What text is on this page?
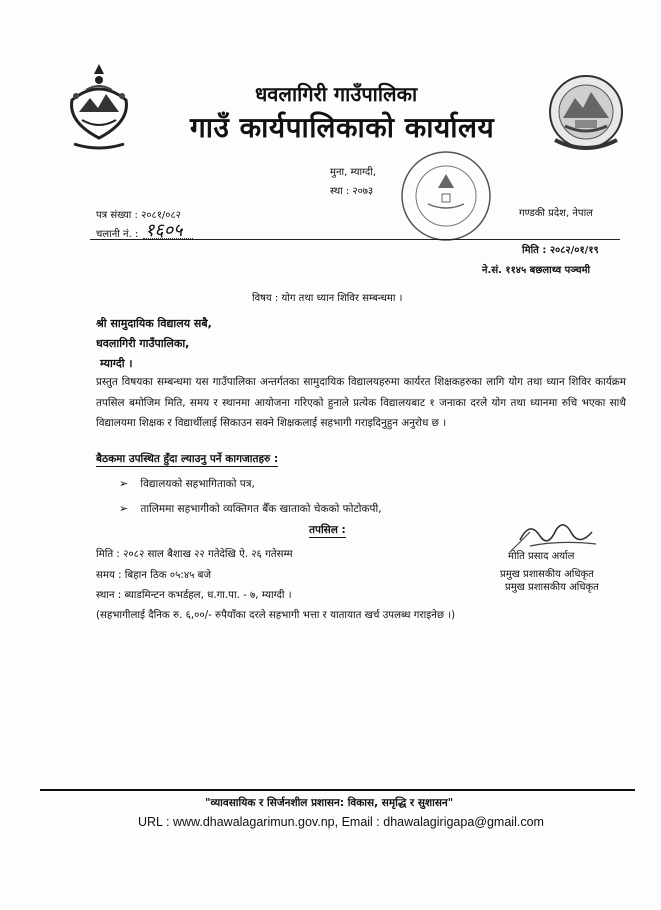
धवलागिरी गाउँपालिका
गाउँ कार्यपालिकाको कार्यालय
मुना, म्याग्दी,
स्था : २०७३
गण्डकी प्रदेश, नेपाल
पत्र संख्या : २०८१/०८२
चलानी नं. : १६०५
मिति : २०८२/०१/१९
ने.सं. ११४५ बछलाथ्व पञ्चमी
विषय : योग तथा ध्यान शिविर सम्बन्धमा ।
श्री सामुदायिक विद्यालय सबै,
धवलागिरी गाउँपालिका,
म्याग्दी ।
प्रस्तुत विषयका सम्बन्धमा यस गाउँपालिका अन्तर्गतका सामुदायिक विद्यालयहरुमा कार्यरत शिक्षकहरुका लागि योग तथा ध्यान शिविर कार्यक्रम तपसिल बमोजिम मिति, समय र स्थानमा आयोजना गरिएको हुनाले प्रत्येक विद्यालयबाट १ जनाका दरले योग तथा ध्यानमा रुचि भएका साथै विद्यालयमा शिक्षक र विद्यार्थीलाई सिकाउन सक्ने शिक्षकलाई सहभागी गराइदिनुहुन अनुरोध छ ।
बैठकमा उपस्थित हुँदा ल्याउनु पर्ने कागजातहरु :
➢ विद्यालयको सहभागिताको पत्र,
➢ तालिममा सहभागीको व्यक्तिगत बैँक खाताको चेकको फोटोकपी,
तपसिल :
मिति : २०८२ साल बैशाख २२ गतेदेखि ऐ. २६ गतेसम्म
समय : बिहान ठिक ०५:४५ बजे
स्थान : ब्याडमिन्टन कभर्डहल, ध.गा.पा. - ७, म्याग्दी ।
(सहभागीलाई दैनिक रु. ६,००/- रुपैयाँका दरले सहभागी भत्ता र यातायात खर्च उपलब्ध गराइनेछ ।)
मोति प्रसाद अर्याल
प्रमुख प्रशासकीय अधिकृत
प्रमुख प्रशासकीय अधिकृत
"व्यावसायिक र सिर्जनशील प्रशासन: विकास, समृद्धि र सुशासन"
URL : www.dhawalagarimun.gov.np, Email : dhawalagirigapa@gmail.com
